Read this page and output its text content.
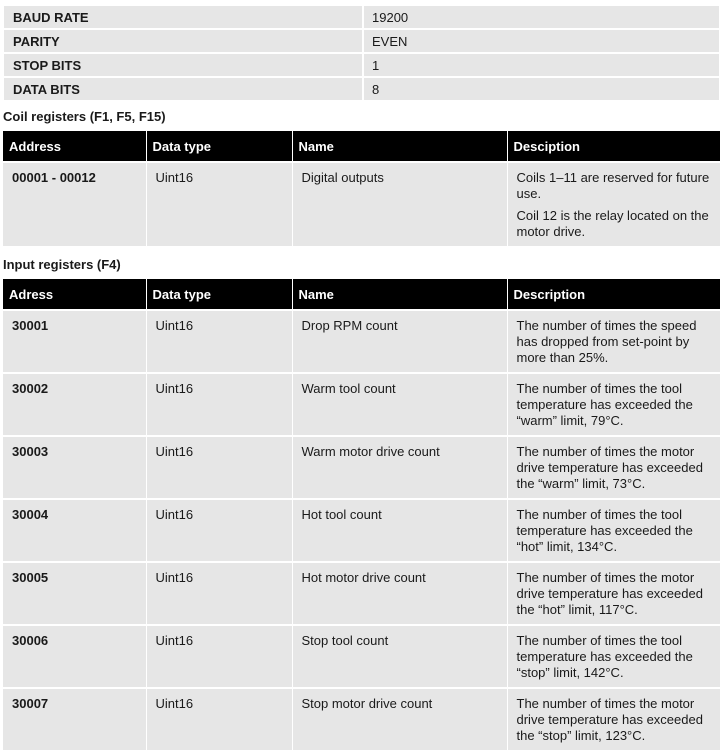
BAUD RATE	19200
PARITY	EVEN
STOP BITS	1
DATA BITS	8
Coil registers (F1, F5, F15)
Address	Data type	Name	Desciption
00001 - 00012	Uint16	Digital outputs	Coils 1–11 are reserved for future use.
Coil 12 is the relay located on the motor drive.
Input registers (F4)
Adress	Data type	Name	Description
30001	Uint16	Drop RPM count	The number of times the speed has dropped from set-point by more than 25%.
30002	Uint16	Warm tool count	The number of times the tool temperature has exceeded the “warm” limit, 79°C.
30003	Uint16	Warm motor drive count	The number of times the motor drive temperature has exceeded the “warm” limit, 73°C.
30004	Uint16	Hot tool count	The number of times the tool temperature has exceeded the “hot” limit, 134°C.
30005	Uint16	Hot motor drive count	The number of times the motor drive temperature has exceeded the “hot” limit, 117°C.
30006	Uint16	Stop tool count	The number of times the tool temperature has exceeded the “stop” limit, 142°C.
30007	Uint16	Stop motor drive count	The number of times the motor drive temperature has exceeded the “stop” limit, 123°C.
